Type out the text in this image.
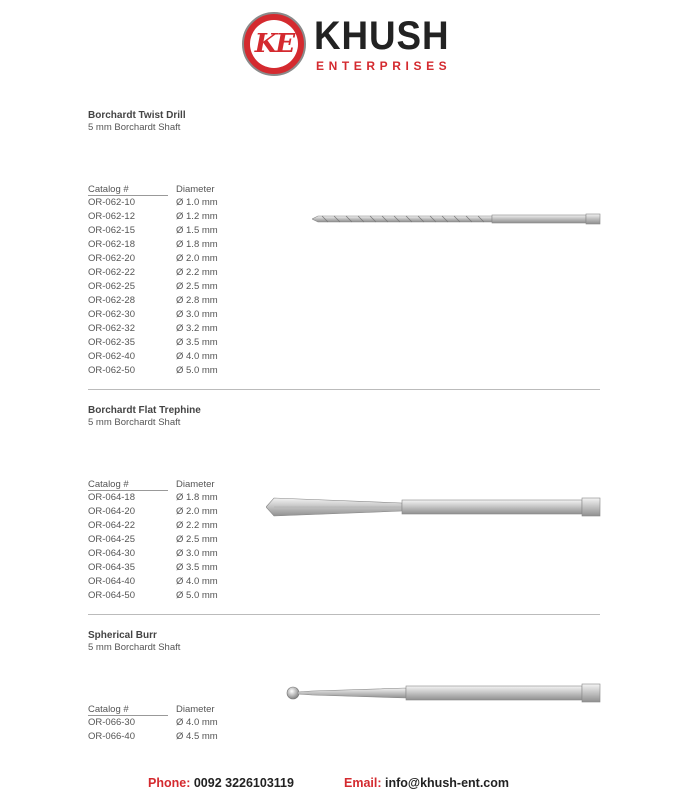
KE KHUSH
ENTERPRISES
Borchardt Twist Drill
5 mm Borchardt Shaft
Catalog #	Diameter
OR-062-10	Ø 1.0 mm
OR-062-12	Ø 1.2 mm
OR-062-15	Ø 1.5 mm
OR-062-18	Ø 1.8 mm
OR-062-20	Ø 2.0 mm
OR-062-22	Ø 2.2 mm
OR-062-25	Ø 2.5 mm
OR-062-28	Ø 2.8 mm
OR-062-30	Ø 3.0 mm
OR-062-32	Ø 3.2 mm
OR-062-35	Ø 3.5 mm
OR-062-40	Ø 4.0 mm
OR-062-50	Ø 5.0 mm
Borchardt Flat Trephine
5 mm Borchardt Shaft
Catalog #	Diameter
OR-064-18	Ø 1.8 mm
OR-064-20	Ø 2.0 mm
OR-064-22	Ø 2.2 mm
OR-064-25	Ø 2.5 mm
OR-064-30	Ø 3.0 mm
OR-064-35	Ø 3.5 mm
OR-064-40	Ø 4.0 mm
OR-064-50	Ø 5.0 mm
Spherical Burr
5 mm Borchardt Shaft
Catalog #	Diameter
OR-066-30	Ø 4.0 mm
OR-066-40	Ø 4.5 mm
Phone: 0092 3226103119	Email: info@khush-ent.com
